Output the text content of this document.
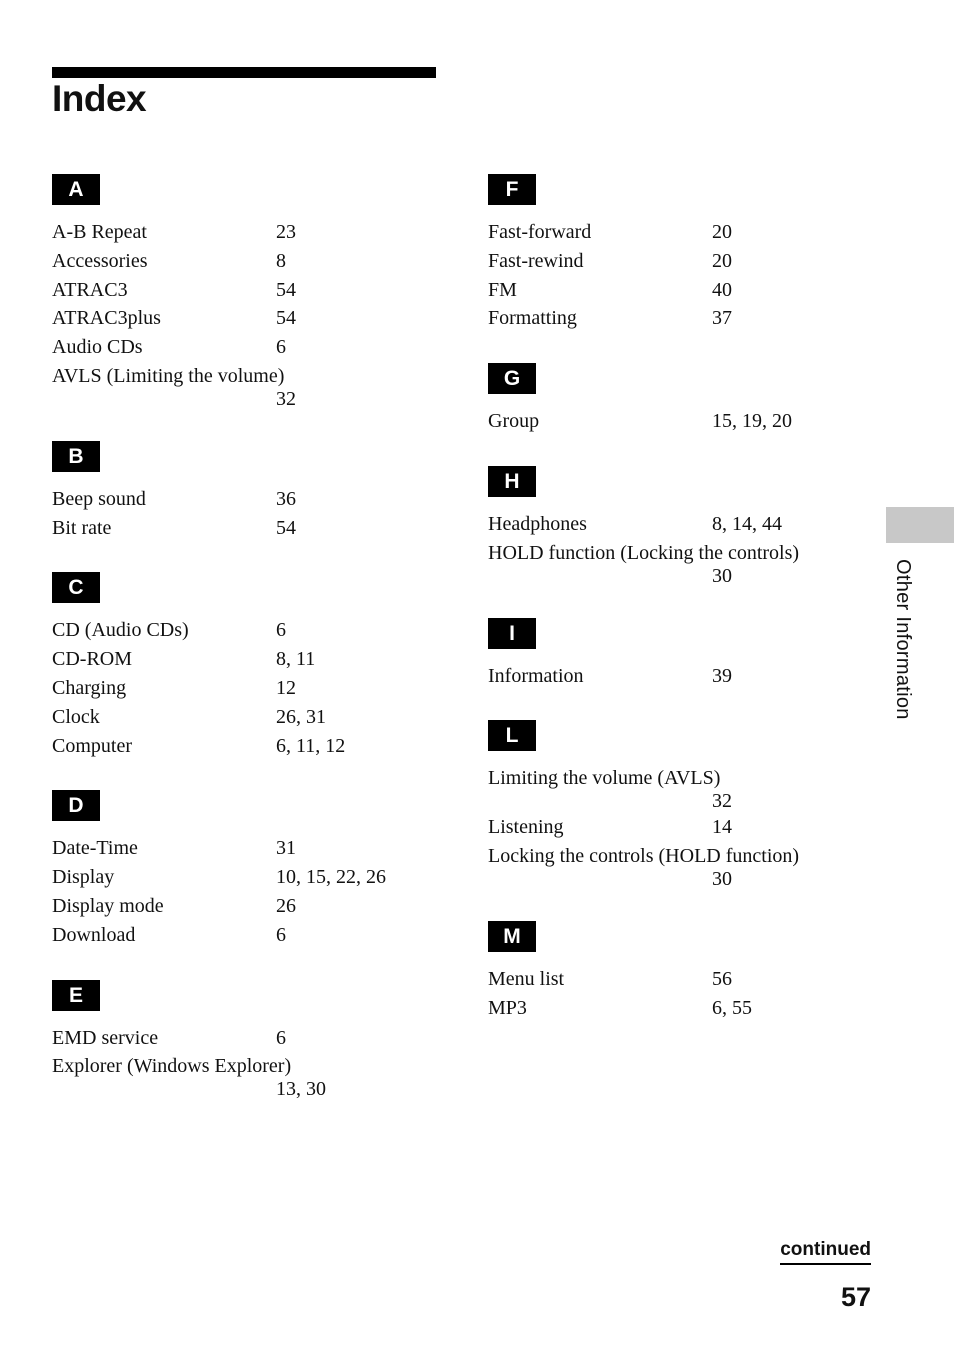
Index
A
A-B Repeat	23
Accessories	8
ATRAC3	54
ATRAC3plus	54
Audio CDs	6
AVLS (Limiting the volume)
32
B
Beep sound	36
Bit rate	54
C
CD (Audio CDs)	6
CD-ROM	8, 11
Charging	12
Clock	26, 31
Computer	6, 11, 12
D
Date-Time	31
Display	10, 15, 22, 26
Display mode	26
Download	6
E
EMD service	6
Explorer (Windows Explorer)
13, 30
F
Fast-forward	20
Fast-rewind	20
FM	40
Formatting	37
G
Group	15, 19, 20
H
Headphones	8, 14, 44
HOLD function (Locking the controls)
30
I
Information	39
L
Limiting the volume (AVLS)
32
Listening	14
Locking the controls (HOLD function)
30
M
Menu list	56
MP3	6, 55
Other Information
continued
57
